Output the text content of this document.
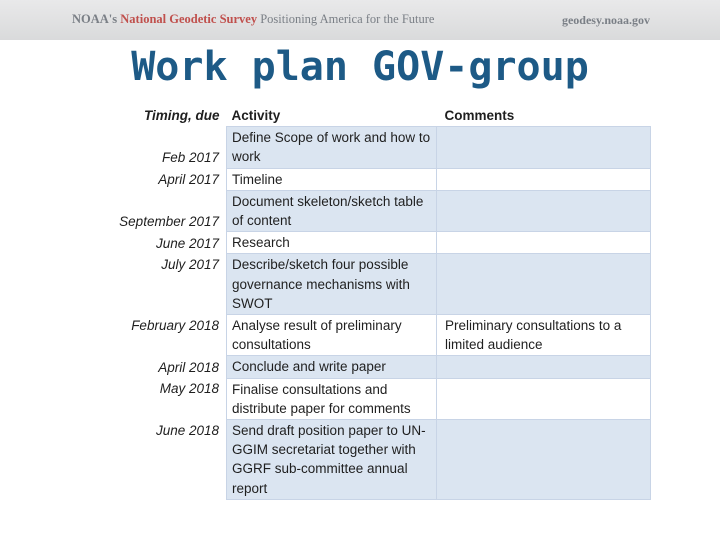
NOAA's National Geodetic Survey Positioning America for the Future	geodesy.noaa.gov
Work plan GOV-group
Timing, due	Activity	Comments
Feb 2017	Define Scope of work and how to work	
April 2017	Timeline	
September 2017	Document skeleton/sketch table of content	
June 2017	Research	
July 2017	Describe/sketch four possible governance mechanisms with SWOT	
February 2018	Analyse result of preliminary consultations	Preliminary consultations to a limited audience
April 2018	Conclude and write paper	
May 2018	Finalise consultations and distribute paper for comments	
June 2018	Send draft position paper to UN-GGIM secretariat together with GGRF sub-committee annual report	
